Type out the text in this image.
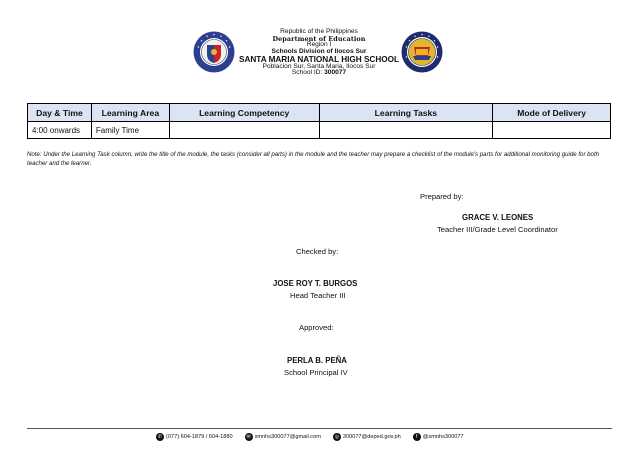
Republic of the Philippines
Department of Education
Region I
Schools Division of Ilocos Sur
SANTA MARIA NATIONAL HIGH SCHOOL
Poblacion Sur, Santa Maria, Ilocos Sur
School ID: 300077
Day & Time	Learning Area	Learning Competency	Learning Tasks	Mode of Delivery
4:00 onwards	Family Time			

Note: Under the Learning Task column, write the title of the module, the tasks (consider all parts) in the module and the teacher may prepare a checklist of the module's parts for additional monitoring guide for both teacher and the learner.

Prepared by:
GRACE V. LEONES
Teacher III/Grade Level Coordinator
Checked by:
JOSE ROY T. BURGOS
Head Teacher III
Approved:
PERLA B. PEÑA
School Principal IV
✆ (077) 604-1879 / 604-1880	✉ smnhs300077@gmail.com	◎ 300077@deped.gov.ph	f @smnhs300077
